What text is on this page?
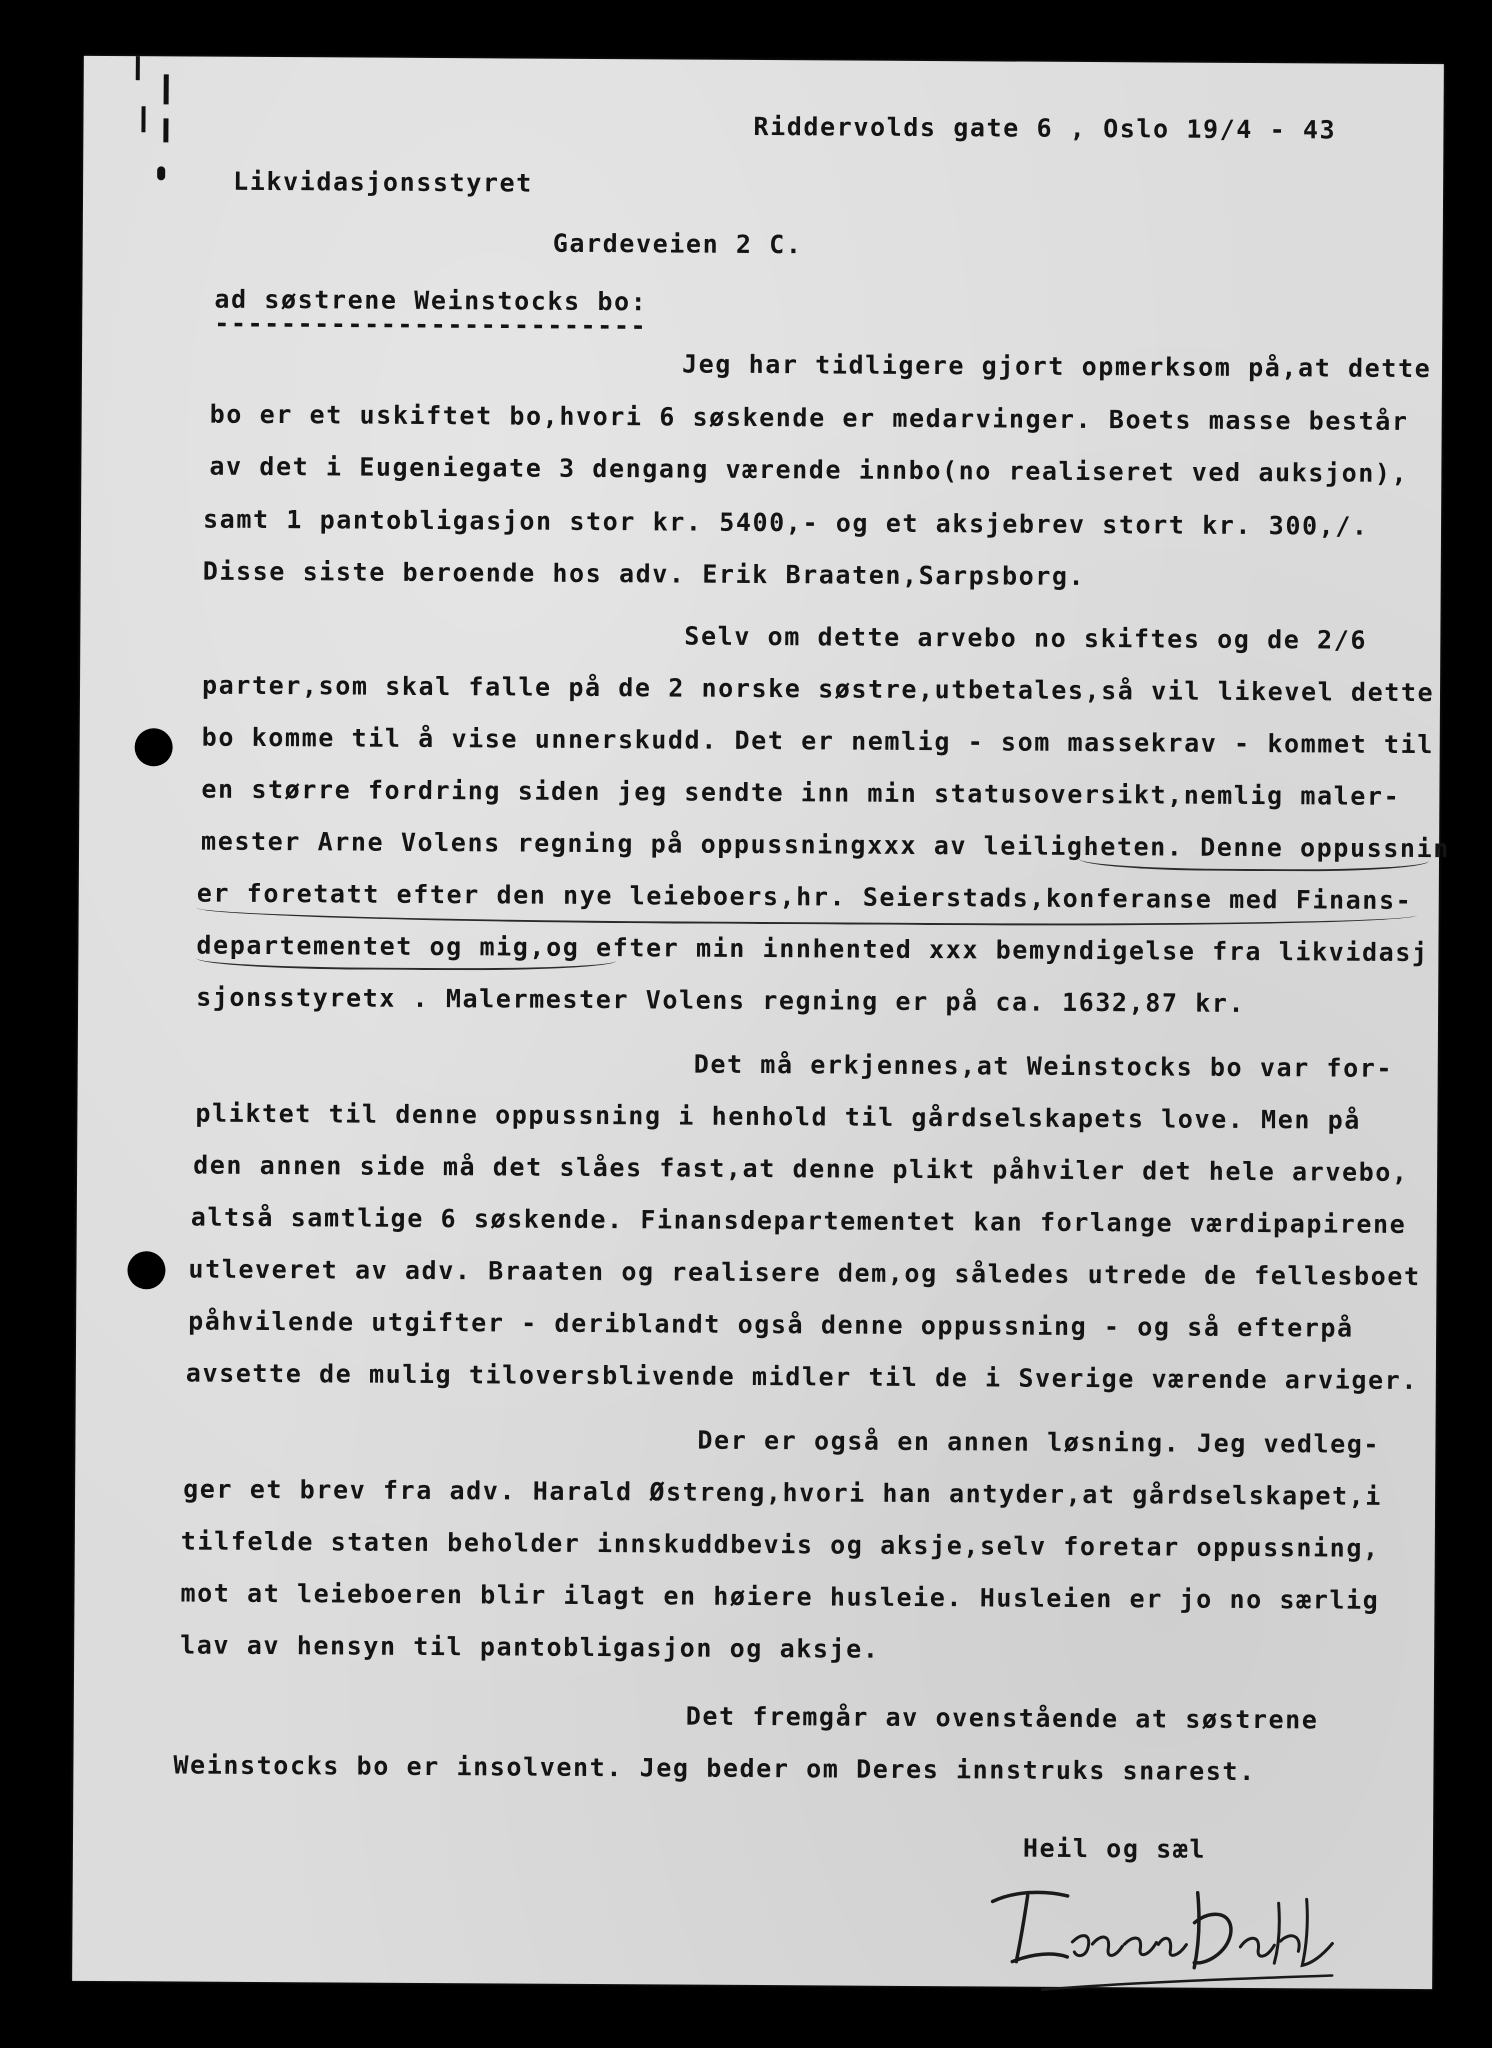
Riddervolds gate 6 , Oslo 19/4 - 43
Likvidasjonsstyret
Gardeveien 2 C.
ad søstrene Weinstocks bo:
--------------------------
Jeg har tidligere gjort opmerksom på,at dette
bo er et uskiftet bo,hvori 6 søskende er medarvinger. Boets masse består
av det i Eugeniegate 3 dengang værende innbo(no realiseret ved auksjon),
samt 1 pantobligasjon stor kr. 5400,- og et aksjebrev stort kr. 300,/.
Disse siste beroende hos adv. Erik Braaten,Sarpsborg.
Selv om dette arvebo no skiftes og de 2/6
parter,som skal falle på de 2 norske søstre,utbetales,så vil likevel dette
bo komme til å vise unnerskudd. Det er nemlig - som massekrav - kommet til
en større fordring siden jeg sendte inn min statusoversikt,nemlig maler-
mester Arne Volens regning på oppussningxxx av leiligheten. Denne oppussnin
er foretatt efter den nye leieboers,hr. Seierstads,konferanse med Finans-
departementet og mig,og efter min innhented xxx bemyndigelse fra likvidasj
sjonsstyretx . Malermester Volens regning er på ca. 1632,87 kr.
Det må erkjennes,at Weinstocks bo var for-
pliktet til denne oppussning i henhold til gårdselskapets love. Men på
den annen side må det slåes fast,at denne plikt påhviler det hele arvebo,
altså samtlige 6 søskende. Finansdepartementet kan forlange værdipapirene
utleveret av adv. Braaten og realisere dem,og således utrede de fellesboet
påhvilende utgifter - deriblandt også denne oppussning - og så efterpå
avsette de mulig tiloversblivende midler til de i Sverige værende arviger.
Der er også en annen løsning. Jeg vedleg-
ger et brev fra adv. Harald Østreng,hvori han antyder,at gårdselskapet,i
tilfelde staten beholder innskuddbevis og aksje,selv foretar oppussning,
mot at leieboeren blir ilagt en høiere husleie. Husleien er jo no særlig
lav av hensyn til pantobligasjon og aksje.
Det fremgår av ovenstående at søstrene
Weinstocks bo er insolvent. Jeg beder om Deres innstruks snarest.
Heil og sæl
